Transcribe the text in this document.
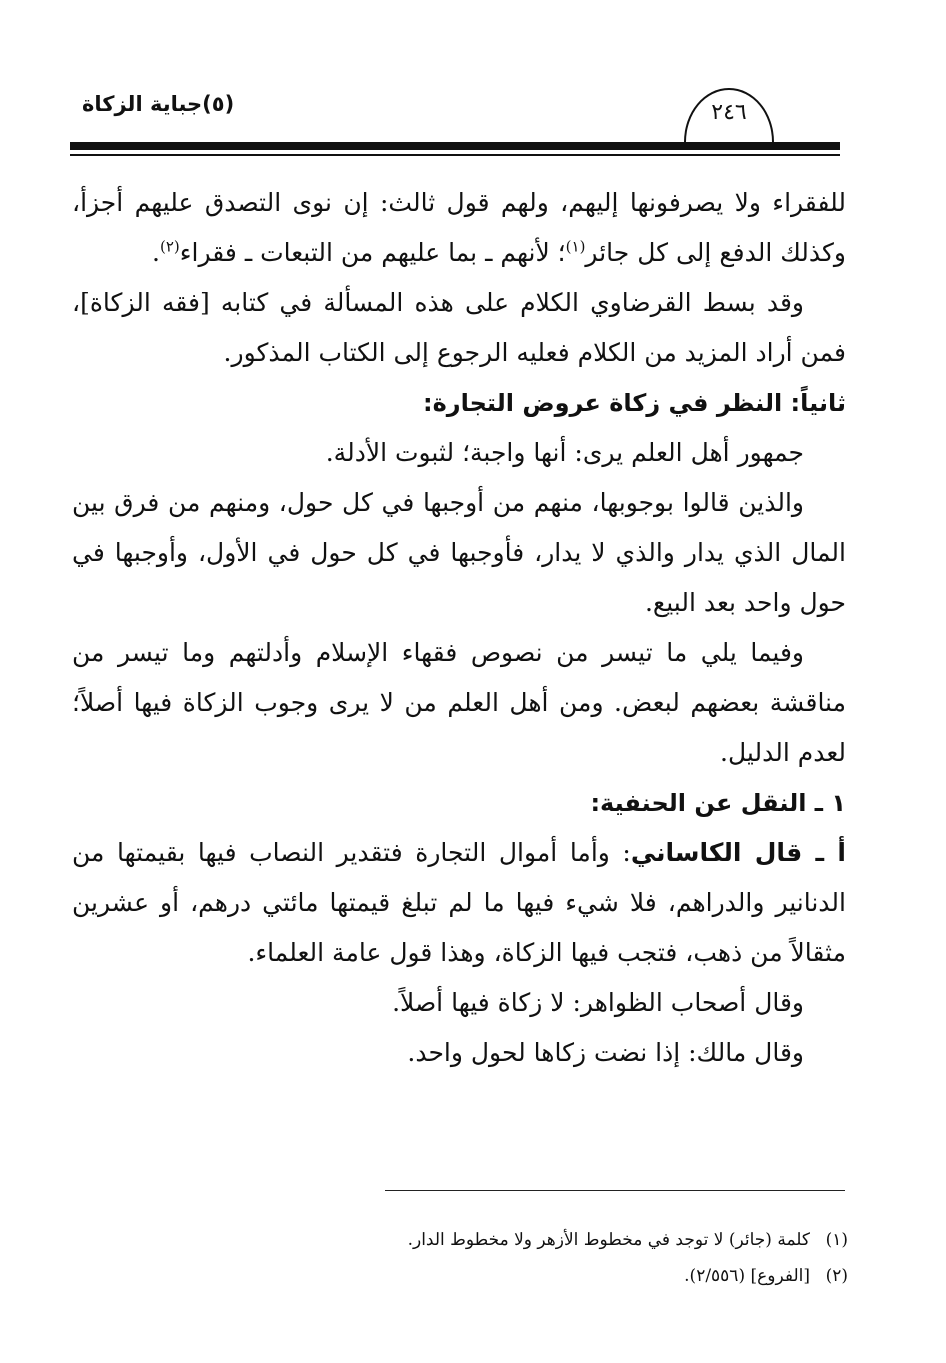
(٥)جباية الزكاة	٢٤٦

للفقراء ولا يصرفونها إليهم، ولهم قول ثالث: إن نوى التصدق عليهم أجزأ، وكذلك الدفع إلى كل جائر$^{(١)}$؛ لأنهم ـ بما عليهم من التبعات ـ فقراء$^{(٢)}$.

وقد بسط القرضاوي الكلام على هذه المسألة في كتابه [فقه الزكاة]، فمن أراد المزيد من الكلام فعليه الرجوع إلى الكتاب المذكور.

ثانياً: النظر في زكاة عروض التجارة:

جمهور أهل العلم يرى: أنها واجبة؛ لثبوت الأدلة.

والذين قالوا بوجوبها، منهم من أوجبها في كل حول، ومنهم من فرق بين المال الذي يدار والذي لا يدار، فأوجبها في كل حول في الأول، وأوجبها في حول واحد بعد البيع.

وفيما يلي ما تيسر من نصوص فقهاء الإسلام وأدلتهم وما تيسر من مناقشة بعضهم لبعض. ومن أهل العلم من لا يرى وجوب الزكاة فيها أصلاً؛ لعدم الدليل.

١ ـ النقل عن الحنفية:

أ ـ قال الكاساني: وأما أموال التجارة فتقدير النصاب فيها بقيمتها من الدنانير والدراهم، فلا شيء فيها ما لم تبلغ قيمتها مائتي درهم، أو عشرين مثقالاً من ذهب، فتجب فيها الزكاة، وهذا قول عامة العلماء.

وقال أصحاب الظواهر: لا زكاة فيها أصلاً.

وقال مالك: إذا نضت زكاها لحول واحد.

(١)
كلمة (جائر) لا توجد في مخطوط الأزهر ولا مخطوط الدار.
(٢)
[الفروع] (٢/٥٥٦).
